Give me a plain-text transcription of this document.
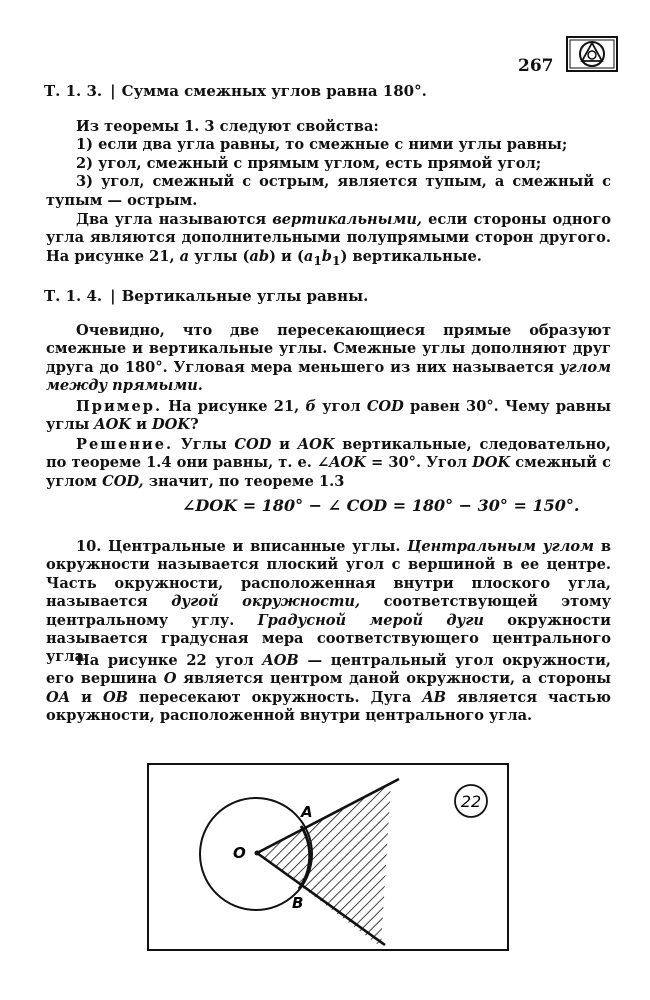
267
Т. 1. 3. | Сумма смежных углов равна 180°.
Из теоремы 1. 3 следуют свойства:
1) если два угла равны, то смежные с ними углы равны;
2) угол, смежный с прямым углом, есть прямой угол;
3) угол, смежный с острым, является тупым, а смежный с тупым — острым.

Два угла называются вертикальными, если стороны одного угла являются дополнительными полупрямыми сторон другого. На рисунке 21, а углы (ab) и $(a_1b_1)$ вертикальные.

Т. 1. 4. | Вертикальные углы равны.

Очевидно, что две пересекающиеся прямые образуют смежные и вертикальные углы. Смежные углы дополняют друг друга до 180°. Угловая мера меньшего из них называется углом между прямыми.

Пример. На рисунке 21, б угол COD равен 30°. Чему равны углы AOK и DOK?

Решение. Углы COD и AOK вертикальные, следовательно, по теореме 1.4 они равны, т. е. ∠AOK = 30°. Угол DOK смежный с углом COD, значит, по теореме 1.3

∠DOK = 180° − ∠ COD = 180° − 30° = 150°.

10. Центральные и вписанные углы. Центральным углом в окружности называется плоский угол с вершиной в ее центре. Часть окружности, расположенная внутри плоского угла, называется дугой окружности, соответствующей этому центральному углу. Градусной мерой дуги окружности называется градусная мера соответствующего центрального угла.

На рисунке 22 угол AOB — центральный угол окружности, его вершина O является центром даной окружности, а стороны OA и OB пересекают окружность. Дуга AB является частью окружности, расположенной внутри центрального угла.

O
A
B
22
